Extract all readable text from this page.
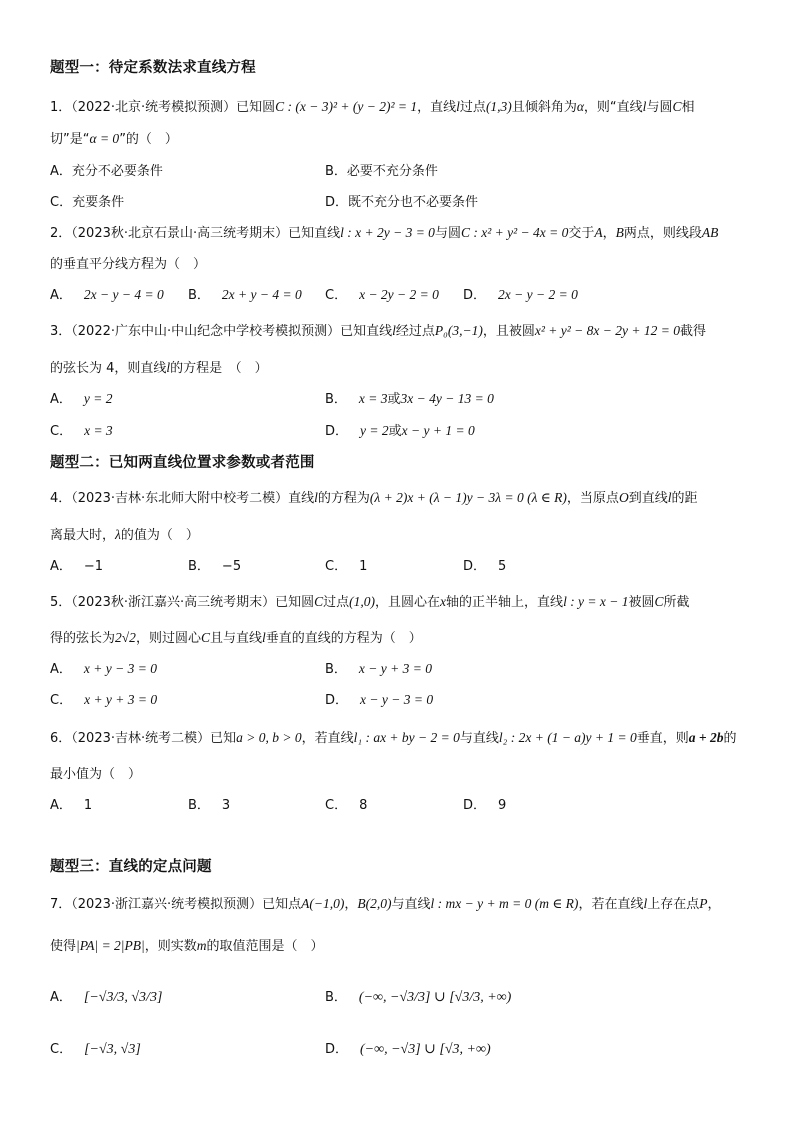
题型一：待定系数法求直线方程
1．（2022·北京·统考模拟预测）已知圆C : (x − 3)² + (y − 2)² = 1，直线l过点(1,3)且倾斜角为α，则“直线l与圆C相
切”是“α = 0”的（　）
A．充分不必要条件	B．必要不充分条件
C．充要条件	D．既不充分也不必要条件
2．（2023秋·北京石景山·高三统考期末）已知直线l : x + 2y − 3 = 0与圆C : x² + y² − 4x = 0交于A，B两点，则线段AB
的垂直平分线方程为（　）
A． 2x − y − 4 = 0 B． 2x + y − 4 = 0 C． x − 2y − 2 = 0 D． 2x − y − 2 = 0
3．（2022·广东中山·中山纪念中学校考模拟预测）已知直线l经过点P₀(3,−1)，且被圆x² + y² − 8x − 2y + 12 = 0截得
的弦长为 4，则直线l的方程是　（　）
A． y = 2	B． x = 3或3x − 4y − 13 = 0
C． x = 3	D． y = 2或x − y + 1 = 0
题型二：已知两直线位置求参数或者范围
4．（2023·吉林·东北师大附中校考二模）直线l的方程为(λ + 2)x + (λ − 1)y − 3λ = 0 (λ ∈ R)，当原点O到直线l的距
离最大时，λ的值为（　）
A． −1	B． −5	C． 1	D． 5
5．（2023秋·浙江嘉兴·高三统考期末）已知圆C过点(1,0)，且圆心在x轴的正半轴上，直线l : y = x − 1被圆C所截
得的弦长为2√2，则过圆心C且与直线l垂直的直线的方程为（　）
A． x + y − 3 = 0	B． x − y + 3 = 0
C． x + y + 3 = 0	D． x − y − 3 = 0
6．（2023·吉林·统考二模）已知a > 0, b > 0，若直线l₁ : ax + by − 2 = 0与直线l₂ : 2x + (1 − a)y + 1 = 0垂直，则a + 2b的
最小值为（　）
A． 1	B． 3	C． 8	D． 9
题型三：直线的定点问题
7．（2023·浙江嘉兴·统考模拟预测）已知点A(−1,0)，B(2,0)与直线l : mx − y + m = 0 (m ∈ R)，若在直线l上存在点P，
使得|PA| = 2|PB|，则实数m的取值范围是（　）
A． [−√3/3, √3/3]	B． (−∞, −√3/3] ∪ [√3/3, +∞)
C． [−√3, √3]	D． (−∞, −√3] ∪ [√3, +∞)
